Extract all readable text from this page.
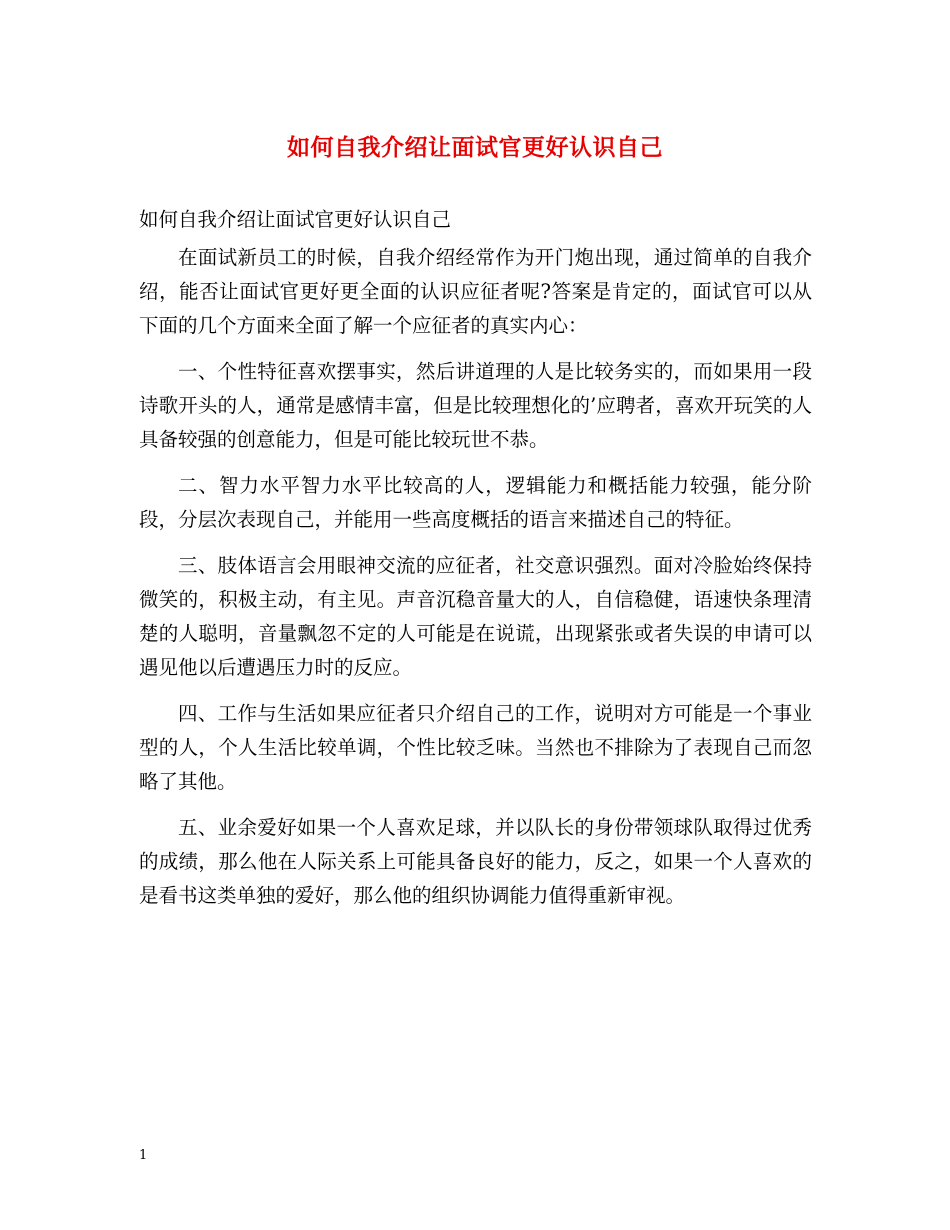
如何自我介绍让面试官更好认识自己

如何自我介绍让面试官更好认识自己

在面试新员工的时候，自我介绍经常作为开门炮出现，通过简单的自我介绍，能否让面试官更好更全面的认识应征者呢?答案是肯定的，面试官可以从下面的几个方面来全面了解一个应征者的真实内心：

一、个性特征喜欢摆事实，然后讲道理的人是比较务实的，而如果用一段诗歌开头的人，通常是感情丰富，但是比较理想化的’应聘者，喜欢开玩笑的人具备较强的创意能力，但是可能比较玩世不恭。

二、智力水平智力水平比较高的人，逻辑能力和概括能力较强，能分阶段，分层次表现自己，并能用一些高度概括的语言来描述自己的特征。

三、肢体语言会用眼神交流的应征者，社交意识强烈。面对冷脸始终保持微笑的，积极主动，有主见。声音沉稳音量大的人，自信稳健，语速快条理清楚的人聪明，音量飘忽不定的人可能是在说谎，出现紧张或者失误的申请可以遇见他以后遭遇压力时的反应。

四、工作与生活如果应征者只介绍自己的工作，说明对方可能是一个事业型的人，个人生活比较单调，个性比较乏味。当然也不排除为了表现自己而忽略了其他。

五、业余爱好如果一个人喜欢足球，并以队长的身份带领球队取得过优秀的成绩，那么他在人际关系上可能具备良好的能力，反之，如果一个人喜欢的是看书这类单独的爱好，那么他的组织协调能力值得重新审视。

1
